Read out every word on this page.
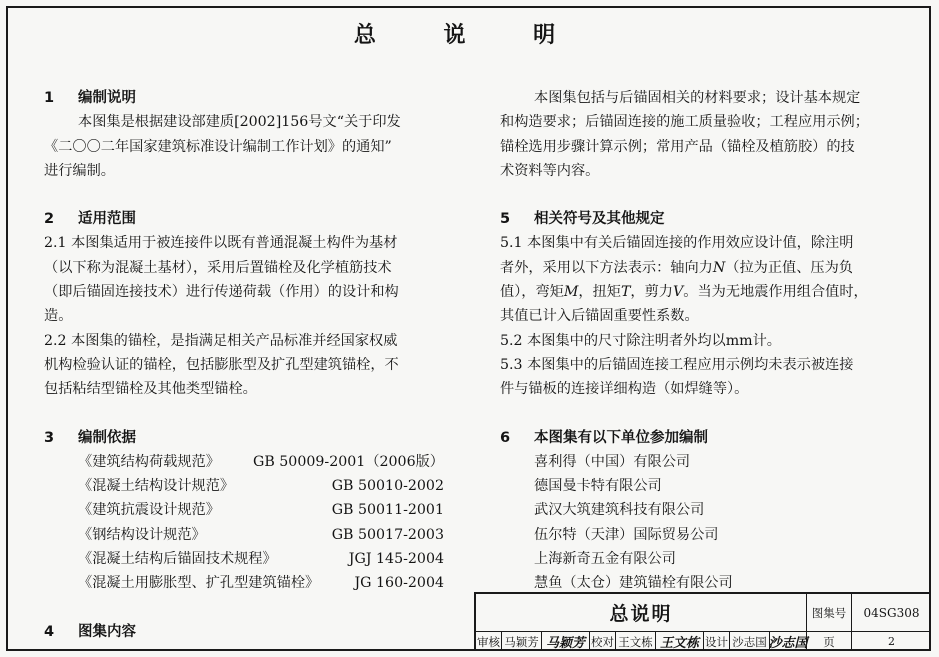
总 说 明
1	编制说明

本图集是根据建设部建质[2002]156号文“关于印发

《二〇〇二年国家建筑标准设计编制工作计划》的通知”

进行编制。

2	适用范围

2.1 本图集适用于被连接件以既有普通混凝土构件为基材

（以下称为混凝土基材），采用后置锚栓及化学植筋技术

（即后锚固连接技术）进行传递荷载（作用）的设计和构

造。

2.2 本图集的锚栓，是指满足相关产品标准并经国家权威

机构检验认证的锚栓，包括膨胀型及扩孔型建筑锚栓，不

包括粘结型锚栓及其他类型锚栓。

3	编制依据
《建筑结构荷载规范》 GB 50009-2001（2006版）
《混凝土结构设计规范》	GB 50010-2002
《建筑抗震设计规范》	GB 50011-2001
《钢结构设计规范》	GB 50017-2003
《混凝土结构后锚固技术规程》	JGJ 145-2004
《混凝土用膨胀型、扩孔型建筑锚栓》 JG 160-2004
4	图集内容

本图集包括与后锚固相关的材料要求；设计基本规定

和构造要求；后锚固连接的施工质量验收；工程应用示例；

锚栓选用步骤计算示例；常用产品（锚栓及植筋胶）的技

术资料等内容。

5	相关符号及其他规定

5.1 本图集中有关后锚固连接的作用效应设计值，除注明

者外，采用以下方法表示：轴向力N（拉为正值、压为负

值），弯矩M，扭矩T，剪力V。当为无地震作用组合值时，

其值已计入后锚固重要性系数。

5.2 本图集中的尺寸除注明者外均以mm计。

5.3 本图集中的后锚固连接工程应用示例均未表示被连接

件与锚板的连接详细构造（如焊缝等）。

6	本图集有以下单位参加编制
喜利得（中国）有限公司
德国曼卡特有限公司
武汉大筑建筑科技有限公司
伍尔特（天津）国际贸易公司
上海新奇五金有限公司
慧鱼（太仓）建筑锚栓有限公司
总说明	图集号	04SG308
审核 马颖芳 马颖芳 校对 王文栋 王文栋 设计 沙志国 沙志国	页	2
